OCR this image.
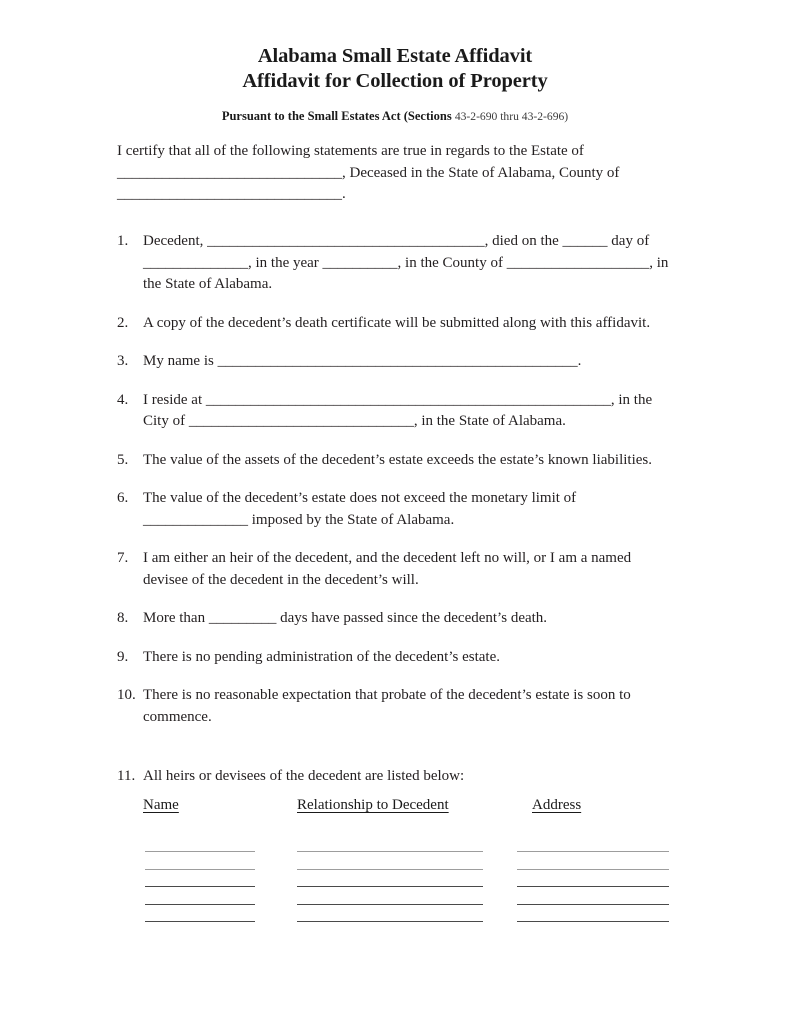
Alabama Small Estate Affidavit
Affidavit for Collection of Property
Pursuant to the Small Estates Act (Sections 43-2-690 thru 43-2-696)
I certify that all of the following statements are true in regards to the Estate of ______________________________, Deceased in the State of Alabama, County of ______________________________.
1. Decedent, _____________________________________, died on the ______ day of ______________, in the year __________, in the County of ___________________, in the State of Alabama.
2. A copy of the decedent’s death certificate will be submitted along with this affidavit.
3. My name is ________________________________________________.
4. I reside at ______________________________________________________, in the City of ______________________________, in the State of Alabama.
5. The value of the assets of the decedent’s estate exceeds the estate’s known liabilities.
6. The value of the decedent’s estate does not exceed the monetary limit of ______________ imposed by the State of Alabama.
7. I am either an heir of the decedent, and the decedent left no will, or I am a named devisee of the decedent in the decedent’s will.
8. More than _________ days have passed since the decedent’s death.
9. There is no pending administration of the decedent’s estate.
10. There is no reasonable expectation that probate of the decedent’s estate is soon to commence.
11. All heirs or devisees of the decedent are listed below:
Name	Relationship to Decedent	Address
